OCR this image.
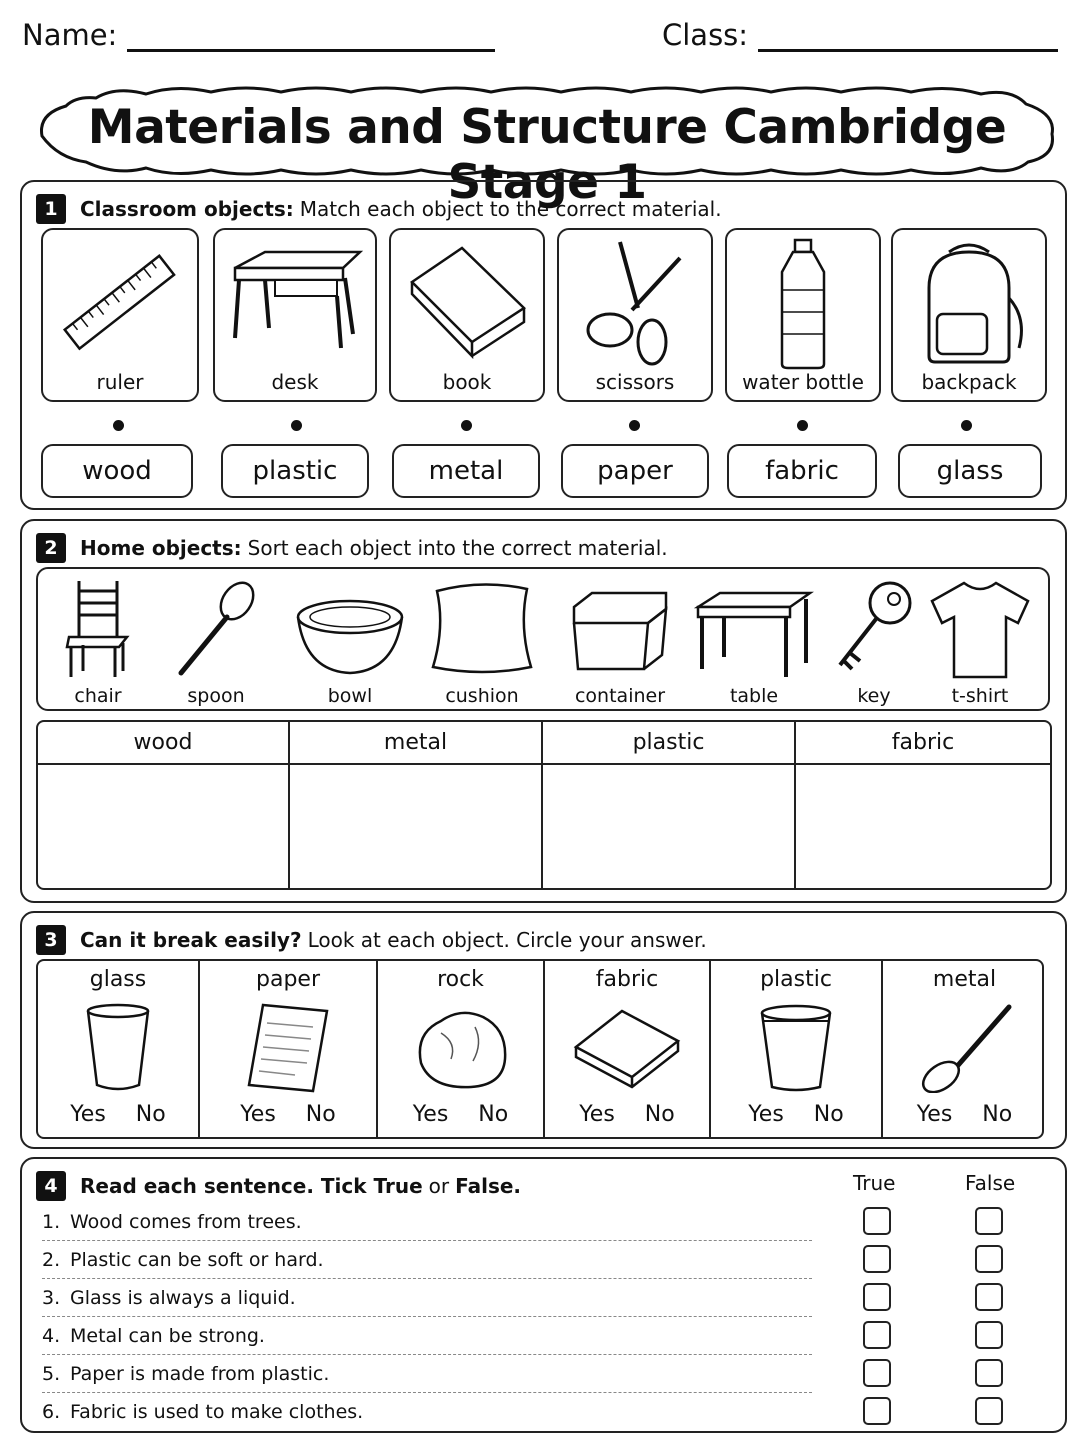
Name:	Class:
Materials and Structure Cambridge Stage 1
1	Classroom objects: Match each object to the correct material.
ruler	desk	book	scissors	water bottle	backpack
wood	plastic	metal	paper	fabric	glass
2	Home objects: Sort each object into the correct material.
chair	spoon	bowl	cushion	container	table	key	t-shirt
wood	metal	plastic	fabric
3	Can it break easily? Look at each object. Circle your answer.
glass
Yes No
paper
Yes No
rock
Yes No
fabric
Yes No
plastic
Yes No
metal
Yes No
4	Read each sentence. Tick True or False.	True	False
1. Wood comes from trees.
2. Plastic can be soft or hard.
3. Glass is always a liquid.
4. Metal can be strong.
5. Paper is made from plastic.
6. Fabric is used to make clothes.
